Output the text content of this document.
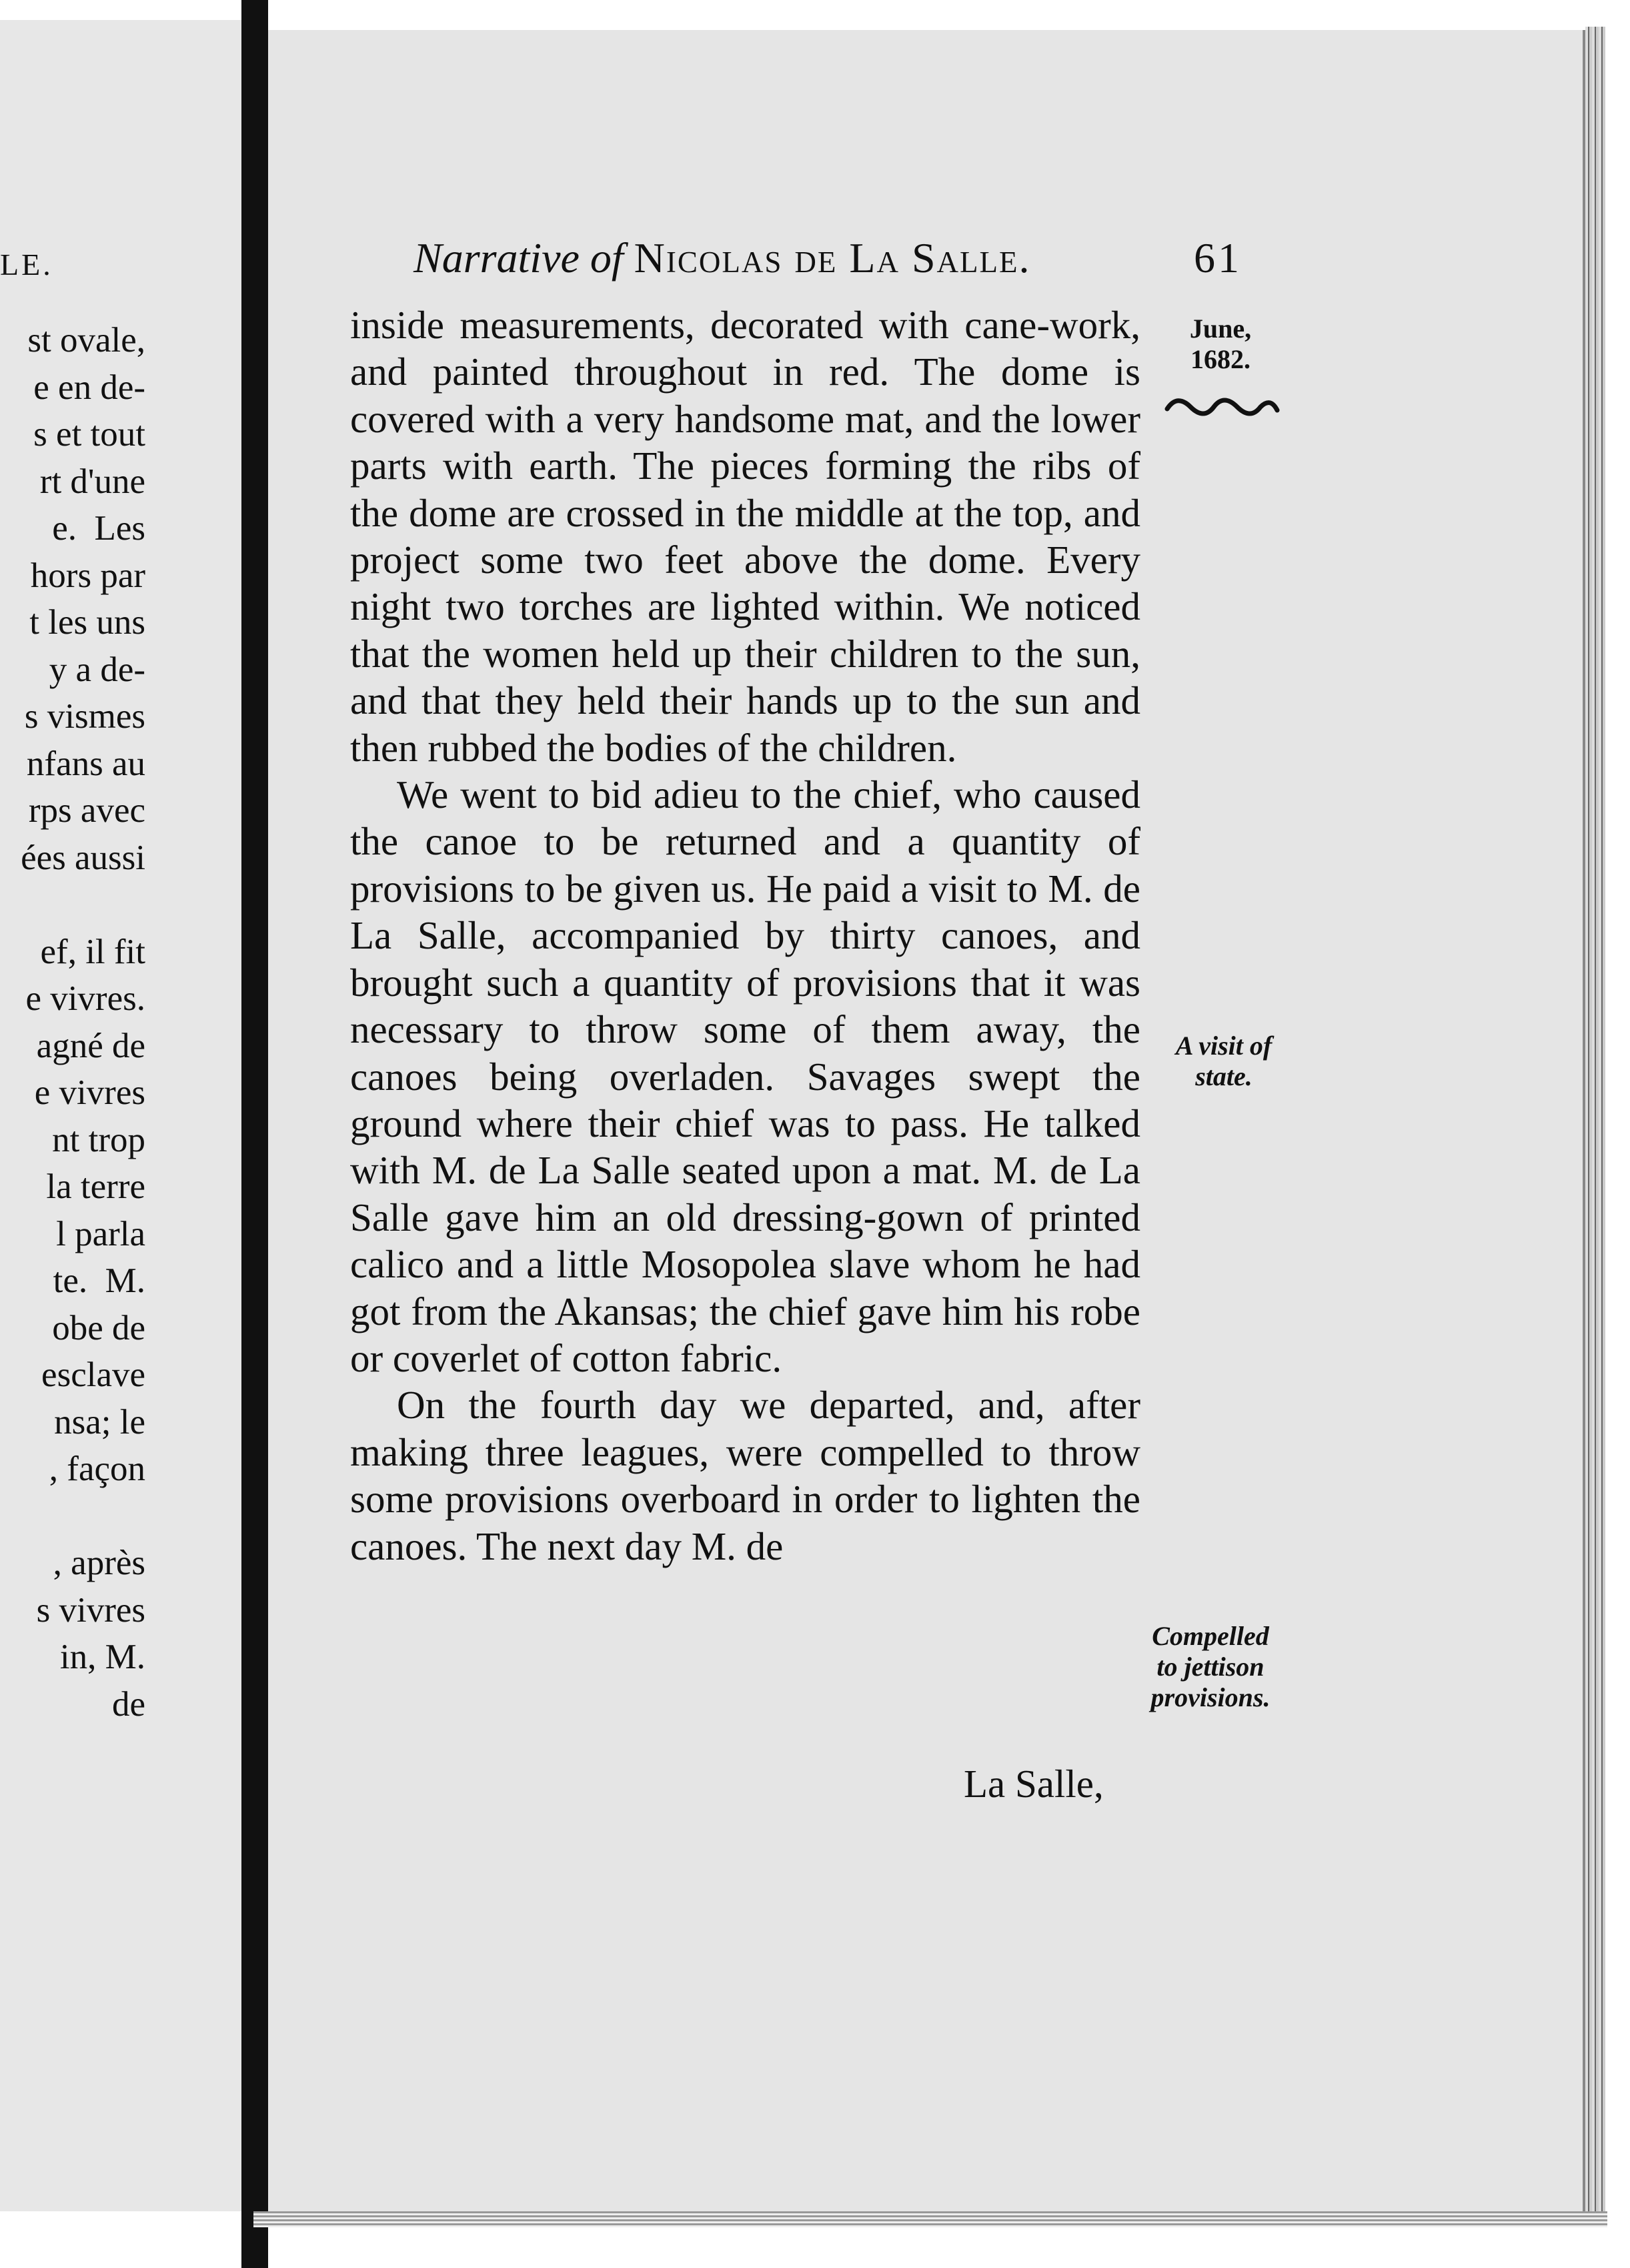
LE.
st ovale,
e en de-
s et tout
rt d'une
e.  Les
hors par
t les uns
y a de-
s vismes
nfans au
rps avec
ées aussi
ef, il fit
e vivres.
agné de
e vivres
nt trop
la terre
l parla
te.  M.
obe de
esclave
nsa; le
, façon
, après
s vivres
in, M.
de
Narrative of Nicolas de La Salle.	61
June,
1682.
A visit of
state.
Compelled
to jettison
provisions.

inside measurements, decorated with cane-work, and painted throughout in red. The dome is covered with a very handsome mat, and the lower parts with earth. The pieces forming the ribs of the dome are crossed in the middle at the top, and project some two feet above the dome. Every night two torches are lighted within. We noticed that the women held up their children to the sun, and that they held their hands up to the sun and then rubbed the bodies of the children.

We went to bid adieu to the chief, who caused the canoe to be returned and a quantity of provisions to be given us. He paid a visit to M. de La Salle, accompanied by thirty canoes, and brought such a quantity of provisions that it was necessary to throw some of them away, the canoes being overladen. Savages swept the ground where their chief was to pass. He talked with M. de La Salle seated upon a mat. M. de La Salle gave him an old dressing-gown of printed calico and a little Mosopolea slave whom he had got from the Akansas; the chief gave him his robe or coverlet of cotton fabric.

On the fourth day we departed, and, after making three leagues, were compelled to throw some provisions overboard in order to lighten the canoes. The next day M. de

La Salle,
